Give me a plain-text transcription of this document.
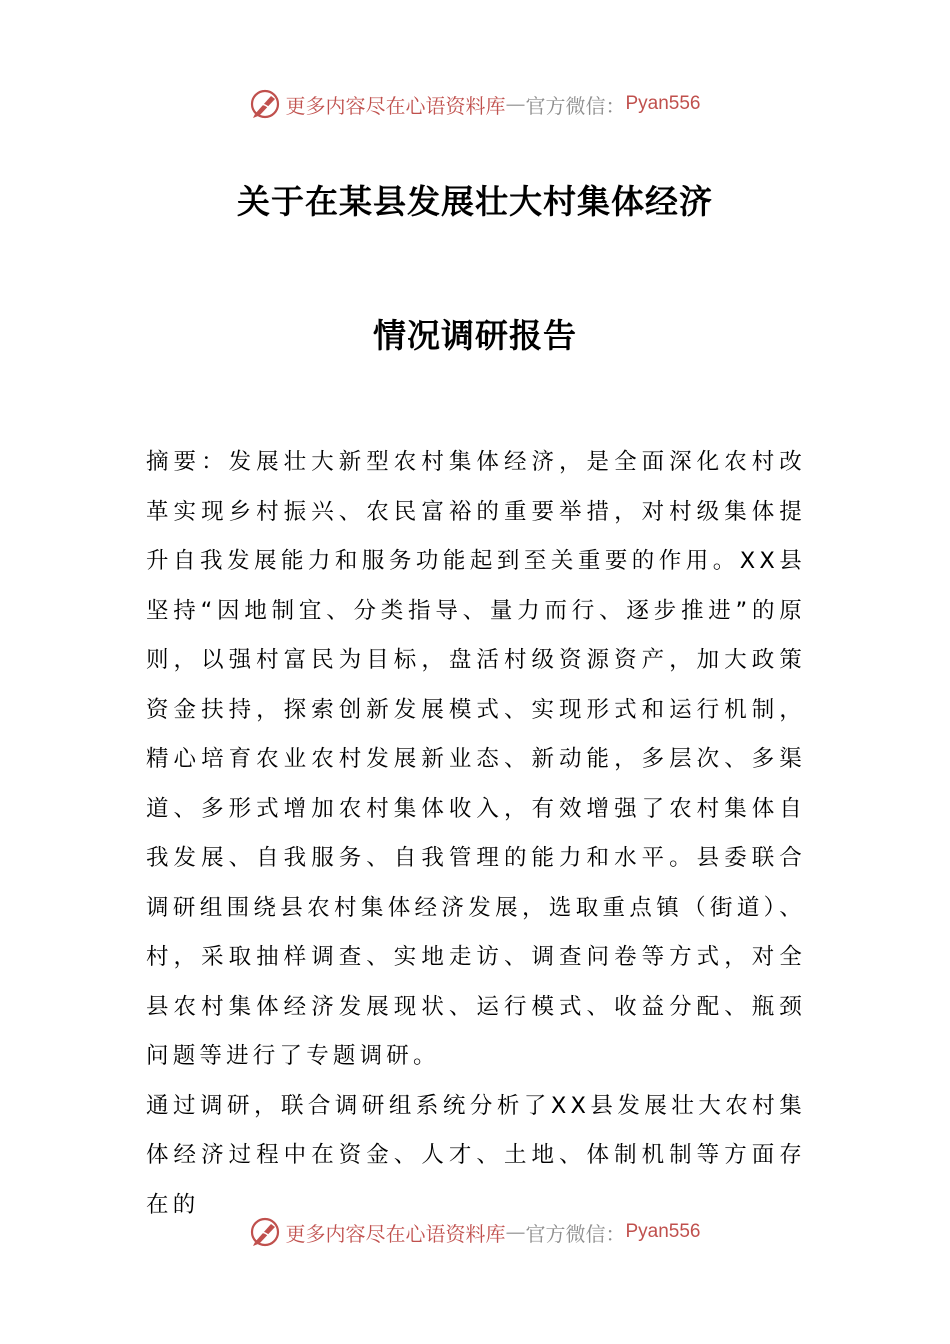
更多内容尽在心语资料库 — 官方微信： Pyan556
关于在某县发展壮大村集体经济
情况调研报告

摘要：发展壮大新型农村集体经济，是全面深化农村改革实现乡村振兴、农民富裕的重要举措，对村级集体提升自我发展能力和服务功能起到至关重要的作用。XX县坚持“因地制宜、分类指导、量力而行、逐步推进”的原则，以强村富民为目标，盘活村级资源资产，加大政策资金扶持，探索创新发展模式、实现形式和运行机制，精心培育农业农村发展新业态、新动能，多层次、多渠道、多形式增加农村集体收入，有效增强了农村集体自我发展、自我服务、自我管理的能力和水平。县委联合调研组围绕县农村集体经济发展，选取重点镇（街道）、村，采取抽样调查、实地走访、调查问卷等方式，对全县农村集体经济发展现状、运行模式、收益分配、瓶颈问题等进行了专题调研。

通过调研，联合调研组系统分析了XX县发展壮大农村集体经济过程中在资金、人才、土地、体制机制等方面存在的

更多内容尽在心语资料库 — 官方微信： Pyan556
